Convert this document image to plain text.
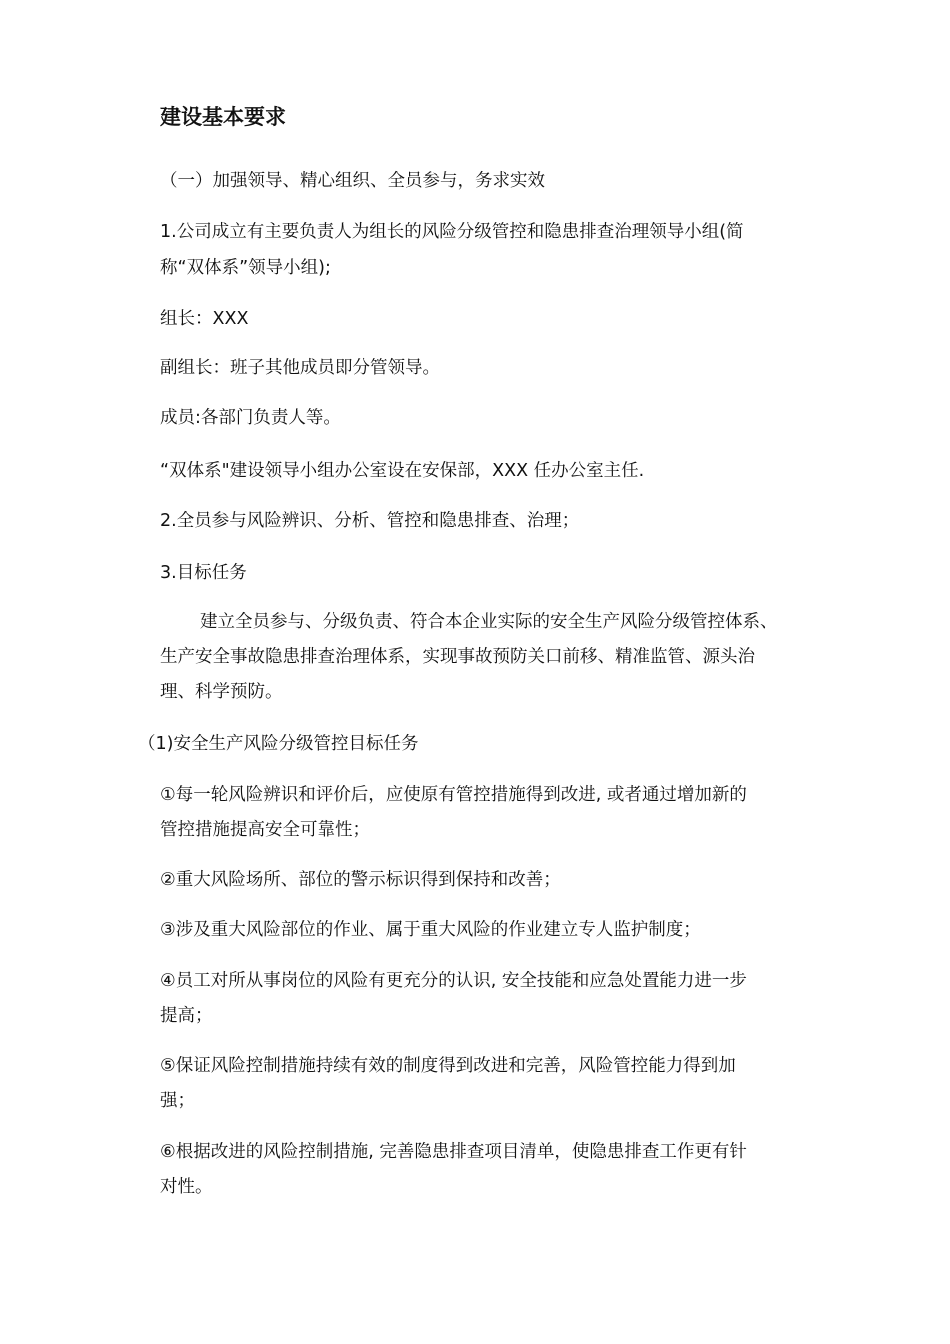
建设基本要求
（一）加强领导、精心组织、全员参与，务求实效
1.公司成立有主要负责人为组长的风险分级管控和隐患排查治理领导小组(简
称“双体系”领导小组);
组长：XXX
副组长：班子其他成员即分管领导。
成员:各部门负责人等。
“双体系"建设领导小组办公室设在安保部，XXX 任办公室主任.
2.全员参与风险辨识、分析、管控和隐患排查、治理；
3.目标任务
建立全员参与、分级负责、符合本企业实际的安全生产风险分级管控体系、
生产安全事故隐患排查治理体系，实现事故预防关口前移、精准监管、源头治
理、科学预防。
（1)安全生产风险分级管控目标任务
①每一轮风险辨识和评价后，应使原有管控措施得到改进, 或者通过增加新的
管控措施提高安全可靠性；
②重大风险场所、部位的警示标识得到保持和改善；
③涉及重大风险部位的作业、属于重大风险的作业建立专人监护制度；
④员工对所从事岗位的风险有更充分的认识, 安全技能和应急处置能力进一步
提高；
⑤保证风险控制措施持续有效的制度得到改进和完善，风险管控能力得到加
强；
⑥根据改进的风险控制措施, 完善隐患排查项目清单，使隐患排查工作更有针
对性。
